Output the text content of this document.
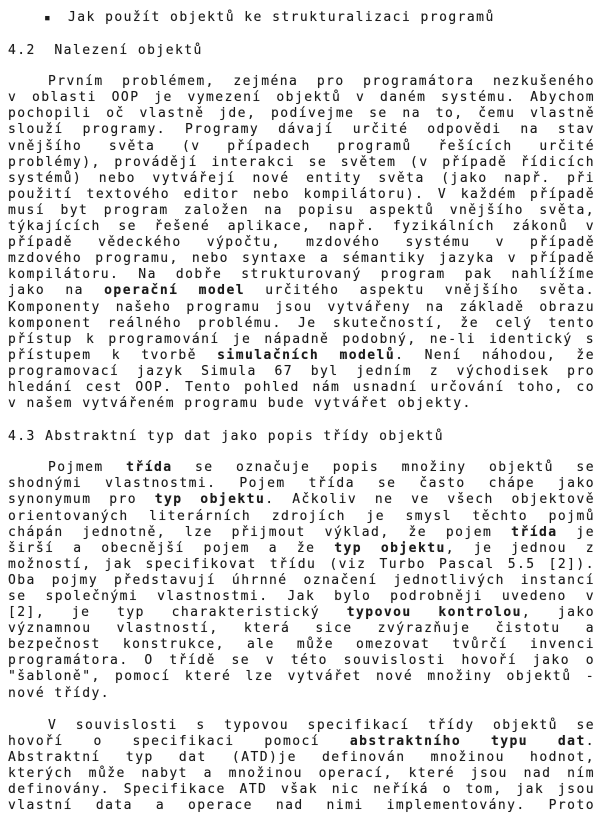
▪ Jak použít objektů ke strukturalizaci programů
4.2  Nalezení objektů
Prvním problémem, zejména pro programátora nezkušeného
v oblasti OOP je vymezení objektů v daném systému. Abychom
pochopili oč vlastně jde, podívejme se na to, čemu vlastně
slouží programy. Programy dávají určité odpovědi na stav
vnějšího světa (v případech programů řešících určité
problémy), provádějí interakci se světem (v případě řídicích
systémů) nebo vytvářejí nové entity světa (jako např. při
použití textového editor nebo kompilátoru). V každém případě
musí byt program založen na popisu aspektů vnějšího světa,
týkajících se řešené aplikace, např. fyzikálních zákonů v
případě vědeckého výpočtu, mzdového systému v případě
mzdového programu, nebo syntaxe a sémantiky jazyka v případě
kompilátoru. Na dobře strukturovaný program pak nahlížíme
jako na operační model určitého aspektu vnějšího světa.
Komponenty našeho programu jsou vytvářeny na základě obrazu
komponent reálného problému. Je skutečností, že celý tento
přístup k programování je nápadně podobný, ne-li identický s
přístupem k tvorbě simulačních modelů. Není náhodou, že
programovací jazyk Simula 67 byl jedním z východisek pro
hledání cest OOP. Tento pohled nám usnadní určování toho, co
v našem vytvářeném programu bude vytvářet objekty.
4.3 Abstraktní typ dat jako popis třídy objektů
Pojmem třída se označuje popis množiny objektů se
shodnými vlastnostmi. Pojem třída se často chápe jako
synonymum pro typ objektu. Ačkoliv ne ve všech objektově
orientovaných literárních zdrojích je smysl těchto pojmů
chápán jednotně, lze přijmout výklad, že pojem třída je
širší a obecnější pojem a že typ objektu, je jednou z
možností, jak specifikovat třídu (viz Turbo Pascal 5.5 [2]).
Oba pojmy představují úhrnné označení jednotlivých instancí
se společnými vlastnostmi. Jak bylo podrobněji uvedeno v
[2], je typ charakteristický typovou kontrolou, jako
významnou vlastností, která sice zvýrazňuje čistotu a
bezpečnost konstrukce, ale může omezovat tvůrčí invenci
programátora. O třídě se v této souvislosti hovoří jako o
"šabloně", pomocí které lze vytvářet nové množiny objektů -
nové třídy.
V souvislosti s typovou specifikací třídy objektů se
hovoří o specifikaci pomocí abstraktního typu dat.
Abstraktní typ dat (ATD)je definován množinou hodnot,
kterých může nabyt a množinou operací, které jsou nad ním
definovány. Specifikace ATD však nic neříká o tom, jak jsou
vlastní data a operace nad nimi implementovány. Proto
